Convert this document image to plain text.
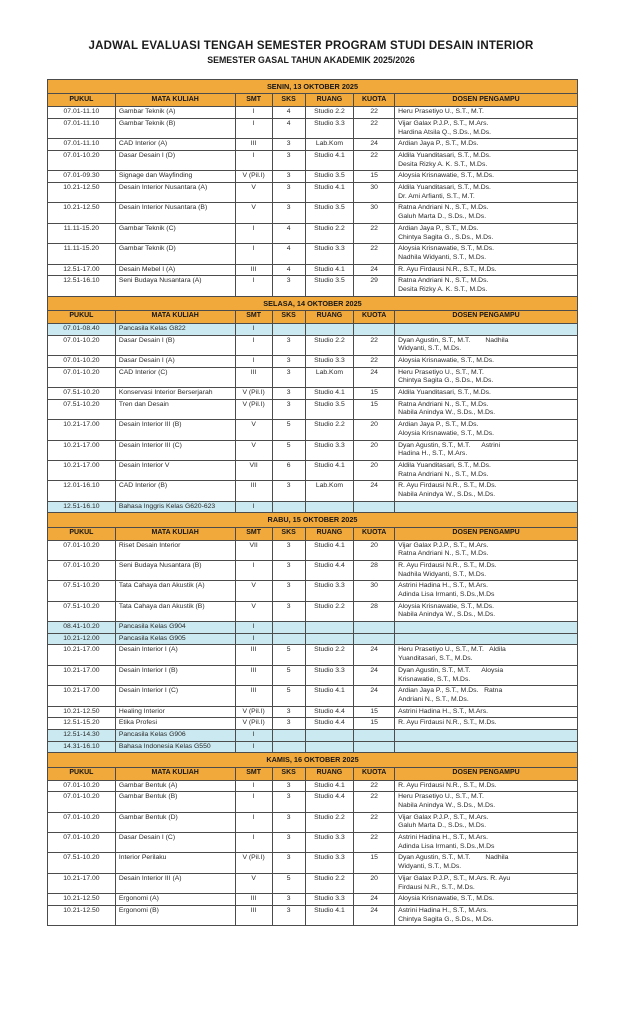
JADWAL EVALUASI TENGAH SEMESTER PROGRAM STUDI DESAIN INTERIOR
SEMESTER GASAL TAHUN AKADEMIK 2025/2026
SENIN, 13 OKTOBER 2025						
PUKUL	MATA KULIAH	SMT	SKS	RUANG	KUOTA	DOSEN PENGAMPU
07.01-11.10	Gambar Teknik (A)	I	4	Studio 2.2	22	Heru Prasetiyo U., S.T., M.T.

07.01-11.10	Gambar Teknik (B)	I	4	Studio 3.3	22	Vijar Galax P.J.P., S.T., M.Ars.
Hardina Atsila Q., S.Ds., M.Ds.

07.01-11.10	CAD Interior (A)	III	3	Lab.Kom	24	Ardian Jaya P., S.T., M.Ds.

07.01-10.20	Dasar Desain I (D)	I	3	Studio 4.1	22	Aldila Yuanditasari, S.T., M.Ds.
Desita Rizky A. K. S.T., M.Ds.

07.01-09.30	Signage dan Wayfinding	V (Pil.I)	3	Studio 3.5	15	Aloysia Krisnawatie, S.T., M.Ds.

10.21-12.50	Desain Interior Nusantara (A)	V	3	Studio 4.1	30	Aldila Yuanditasari, S.T., M.Ds.
Dr. Ami Arfianti, S.T., M.T.

10.21-12.50	Desain Interior Nusantara (B)	V	3	Studio 3.5	30	Ratna Andriani N., S.T., M.Ds.
Galuh Marta D., S.Ds., M.Ds.

11.11-15.20	Gambar Teknik (C)	I	4	Studio 2.2	22	Ardian Jaya P., S.T., M.Ds.
Chintya Sagita G., S.Ds., M.Ds.

11.11-15.20	Gambar Teknik (D)	I	4	Studio 3.3	22	Aloysia Krisnawatie, S.T., M.Ds.
Nadhila Widyanti, S.T., M.Ds.

12.51-17.00	Desain Mebel I (A)	III	4	Studio 4.1	24	R. Ayu Firdausi N.R., S.T., M.Ds.

12.51-16.10	Seni Budaya Nusantara (A)	I	3	Studio 3.5	29	Ratna Andriani N., S.T., M.Ds.
Desita Rizky A. K. S.T., M.Ds.

SELASA, 14 OKTOBER 2025						
PUKUL	MATA KULIAH	SMT	SKS	RUANG	KUOTA	DOSEN PENGAMPU
07.01-08.40	Pancasila Kelas G822	I				
07.01-10.20	Dasar Desain I (B)	I	3	Studio 2.2	22	Dyan Agustin, S.T., M.T.        Nadhila
Widyanti, S.T., M.Ds.

07.01-10.20	Dasar Desain I (A)	I	3	Studio 3.3	22	Aloysia Krisnawatie, S.T., M.Ds.

07.01-10.20	CAD Interior (C)	III	3	Lab.Kom	24	Heru Prasetiyo U., S.T., M.T.
Chintya Sagita G., S.Ds., M.Ds.

07.51-10.20	Konservasi Interior Berserjarah	V (Pil.I)	3	Studio 4.1	15	Aldila Yuanditasari, S.T., M.Ds.

07.51-10.20	Tren dan Desain	V (Pil.I)	3	Studio 3.5	15	Ratna Andriani N., S.T., M.Ds.
Nabila Anindya W., S.Ds., M.Ds.

10.21-17.00	Desain Interior III (B)	V	5	Studio 2.2	20	Ardian Jaya P., S.T., M.Ds.
Aloysia Krisnawatie, S.T., M.Ds.

10.21-17.00	Desain Interior III (C)	V	5	Studio 3.3	20	Dyan Agustin, S.T., M.T.      Astrini
Hadina H., S.T., M.Ars.

10.21-17.00	Desain Interior V	VII	6	Studio 4.1	20	Aldila Yuanditasari, S.T., M.Ds.
Ratna Andriani N., S.T., M.Ds.

12.01-16.10	CAD Interior (B)	III	3	Lab.Kom	24	R. Ayu Firdausi N.R., S.T., M.Ds.
Nabila Anindya W., S.Ds., M.Ds.

12.51-16.10	Bahasa Inggris Kelas G620-623	I				
RABU, 15 OKTOBER 2025						
PUKUL	MATA KULIAH	SMT	SKS	RUANG	KUOTA	DOSEN PENGAMPU
07.01-10.20	Riset Desain Interior	VII	3	Studio 4.1	20	Vijar Galax P.J.P., S.T., M.Ars.
Ratna Andriani N., S.T., M.Ds.

07.01-10.20	Seni Budaya Nusantara (B)	I	3	Studio 4.4	28	R. Ayu Firdausi N.R., S.T., M.Ds.
Nadhila Widyanti, S.T., M.Ds.

07.51-10.20	Tata Cahaya dan Akustik (A)	V	3	Studio 3.3	30	Astrini Hadina H., S.T., M.Ars.
Adinda Lisa Irmanti, S.Ds.,M.Ds

07.51-10.20	Tata Cahaya dan Akustik (B)	V	3	Studio 2.2	28	Aloysia Krisnawatie, S.T., M.Ds.
Nabila Anindya W., S.Ds., M.Ds.

08.41-10.20	Pancasila Kelas G904	I				
10.21-12.00	Pancasila Kelas G905	I				
10.21-17.00	Desain Interior I (A)	III	5	Studio 2.2	24	Heru Prasetiyo U., S.T., M.T.   Aldila
Yuanditasari, S.T., M.Ds.

10.21-17.00	Desain Interior I (B)	III	5	Studio 3.3	24	Dyan Agustin, S.T., M.T.      Aloysia
Krisnawatie, S.T., M.Ds.

10.21-17.00	Desain Interior I (C)	III	5	Studio 4.1	24	Ardian Jaya P., S.T., M.Ds.   Ratna
Andriani N., S.T., M.Ds.

10.21-12.50	Healing Interior	V (Pil.I)	3	Studio 4.4	15	Astrini Hadina H., S.T., M.Ars.

12.51-15.20	Etika Profesi	V (Pil.I)	3	Studio 4.4	15	R. Ayu Firdausi N.R., S.T., M.Ds.

12.51-14.30	Pancasila Kelas G906	I				
14.31-16.10	Bahasa Indonesia Kelas G550	I				
KAMIS, 16 OKTOBER 2025						
PUKUL	MATA KULIAH	SMT	SKS	RUANG	KUOTA	DOSEN PENGAMPU
07.01-10.20	Gambar Bentuk (A)	I	3	Studio 4.1	22	R. Ayu Firdausi N.R., S.T., M.Ds.

07.01-10.20	Gambar Bentuk (B)	I	3	Studio 4.4	22	Heru Prasetiyo U., S.T., M.T.
Nabila Anindya W., S.Ds., M.Ds.

07.01-10.20	Gambar Bentuk (D)	I	3	Studio 2.2	22	Vijar Galax P.J.P., S.T., M.Ars.
Galuh Marta D., S.Ds., M.Ds.

07.01-10.20	Dasar Desain I (C)	I	3	Studio 3.3	22	Astrini Hadina H., S.T., M.Ars.
Adinda Lisa Irmanti, S.Ds.,M.Ds

07.51-10.20	Interior Perilaku	V (Pil.I)	3	Studio 3.3	15	Dyan Agustin, S.T., M.T.        Nadhila
Widyanti, S.T., M.Ds.

10.21-17.00	Desain Interior III (A)	V	5	Studio 2.2	20	Vijar Galax P.J.P., S.T., M.Ars. R. Ayu
Firdausi N.R., S.T., M.Ds.

10.21-12.50	Ergonomi (A)	III	3	Studio 3.3	24	Aloysia Krisnawatie, S.T., M.Ds.

10.21-12.50	Ergonomi (B)	III	3	Studio 4.1	24	Astrini Hadina H., S.T., M.Ars.
Chintya Sagita G., S.Ds., M.Ds.
